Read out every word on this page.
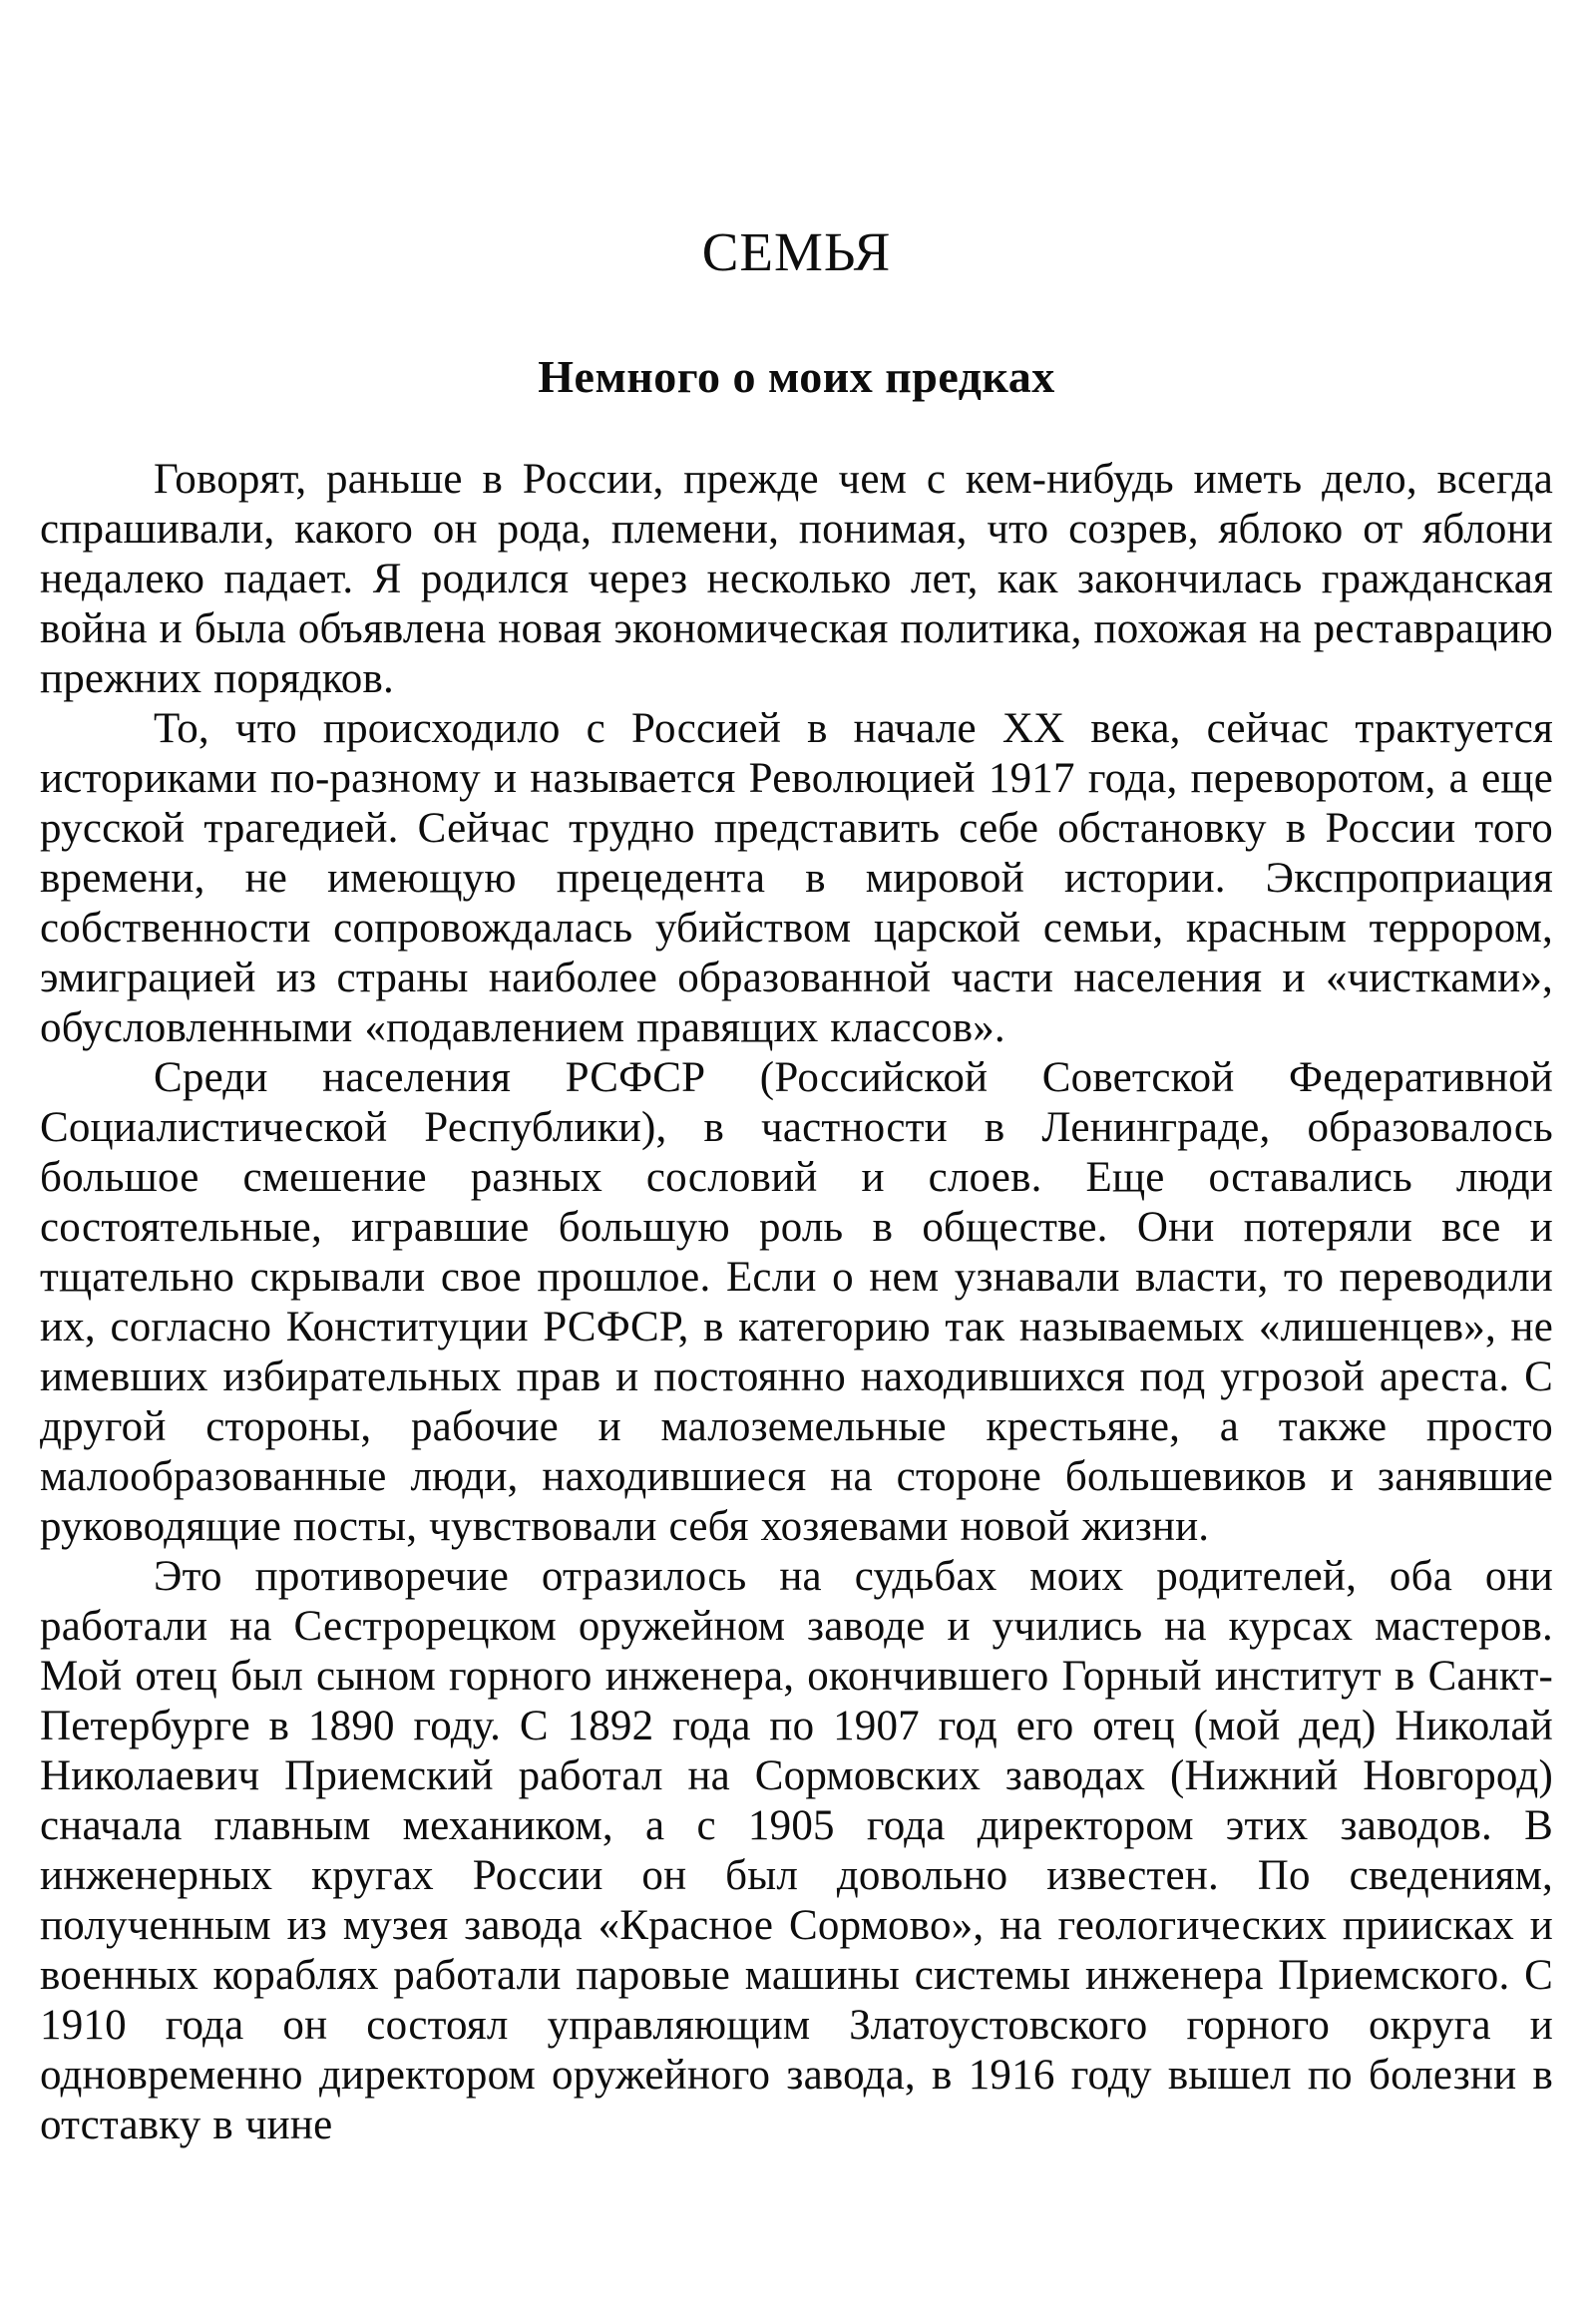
СЕМЬЯ
Немного о моих предках

Говорят, раньше в России, прежде чем с кем-нибудь иметь дело, всегда спрашивали, какого он рода, племени, понимая, что созрев, яблоко от яблони недалеко падает. Я родился через несколько лет, как закончилась гражданская война и была объявлена новая экономическая политика, похожая на реставрацию прежних порядков.

То, что происходило с Россией в начале XX века, сейчас трактуется историками по-разному и называется Революцией 1917 года, переворотом, а еще русской трагедией. Сейчас трудно представить себе обстановку в России того времени, не имеющую прецедента в мировой истории. Экспроприация собственности сопровождалась убийством царской семьи, красным террором, эмиграцией из страны наиболее образованной части населения и «чистками», обусловленными «подавлением правящих классов».

Среди населения РСФСР (Российской Советской Федеративной Социалистической Республики), в частности в Ленинграде, образовалось большое смешение разных сословий и слоев. Еще оставались люди состоятельные, игравшие большую роль в обществе. Они потеряли все и тщательно скрывали свое прошлое. Если о нем узнавали власти, то переводили их, согласно Конституции РСФСР, в категорию так называемых «лишенцев», не имевших избирательных прав и постоянно находившихся под угрозой ареста. С другой стороны, рабочие и малоземельные крестьяне, а также просто малообразованные люди, находившиеся на стороне большевиков и занявшие руководящие посты, чувствовали себя хозяевами новой жизни.

Это противоречие отразилось на судьбах моих родителей, оба они работали на Сестрорецком оружейном заводе и учились на курсах мастеров. Мой отец был сыном горного инженера, окончившего Горный институт в Санкт-Петербурге в 1890 году. С 1892 года по 1907 год его отец (мой дед) Николай Николаевич Приемский работал на Сормовских заводах (Нижний Новгород) сначала главным механиком, а с 1905 года директором этих заводов. В инженерных кругах России он был довольно известен. По сведениям, полученным из музея завода «Красное Сормово», на геологических приисках и военных кораблях работали паровые машины системы инженера Приемского. С 1910 года он состоял управляющим Златоустовского горного округа и одновременно директором оружейного завода, в 1916 году вышел по болезни в отставку в чине
